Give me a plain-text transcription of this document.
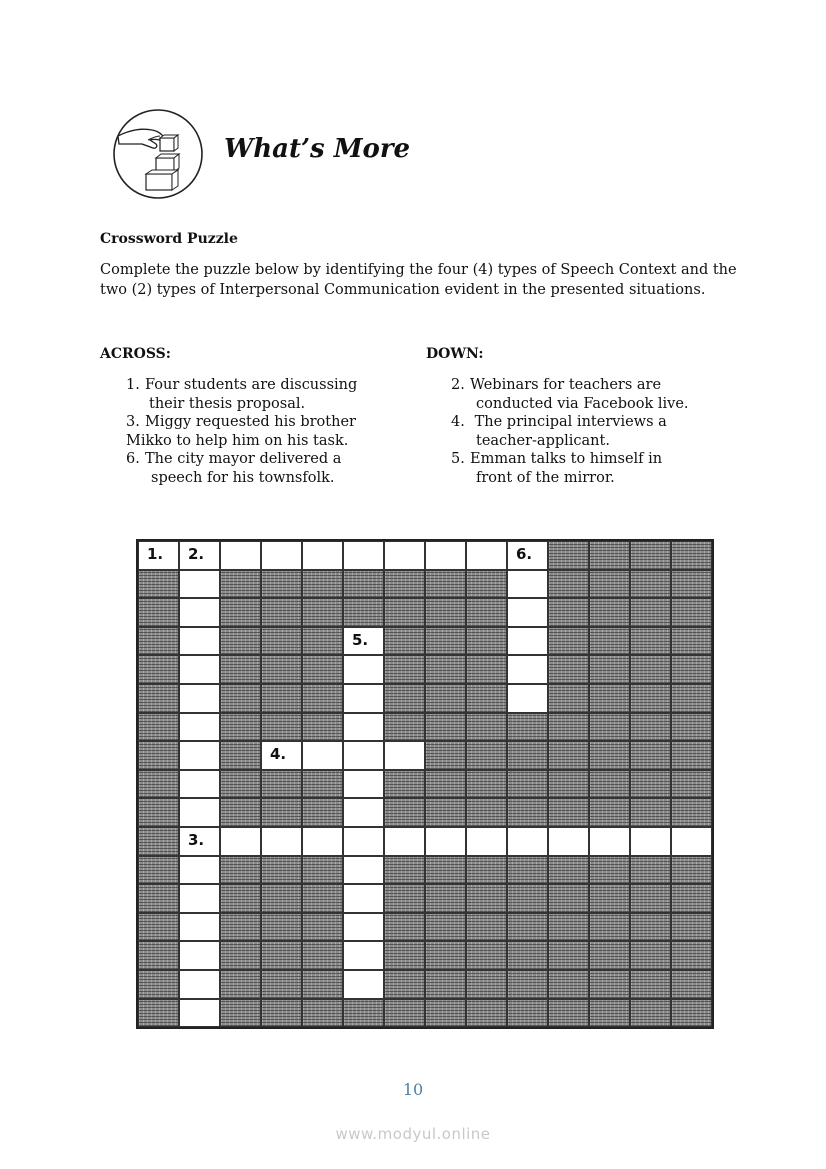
What’s More
Crossword Puzzle
Complete the puzzle below by identifying the four (4) types of Speech Context and the two (2) types of Interpersonal Communication evident in the presented situations.
ACROSS:
1. Four students are discussing
their thesis proposal.
3. Miggy requested his brother
Mikko to help him on his task.
6. The city mayor delivered a
speech for his townsfolk.
DOWN:
2. Webinars for teachers are
conducted via Facebook live.
4. The principal interviews a
teacher-applicant.
5. Emman talks to himself in
front of the mirror.
1. 2.	6.
5.
4.
3.
10
www.modyul.online
